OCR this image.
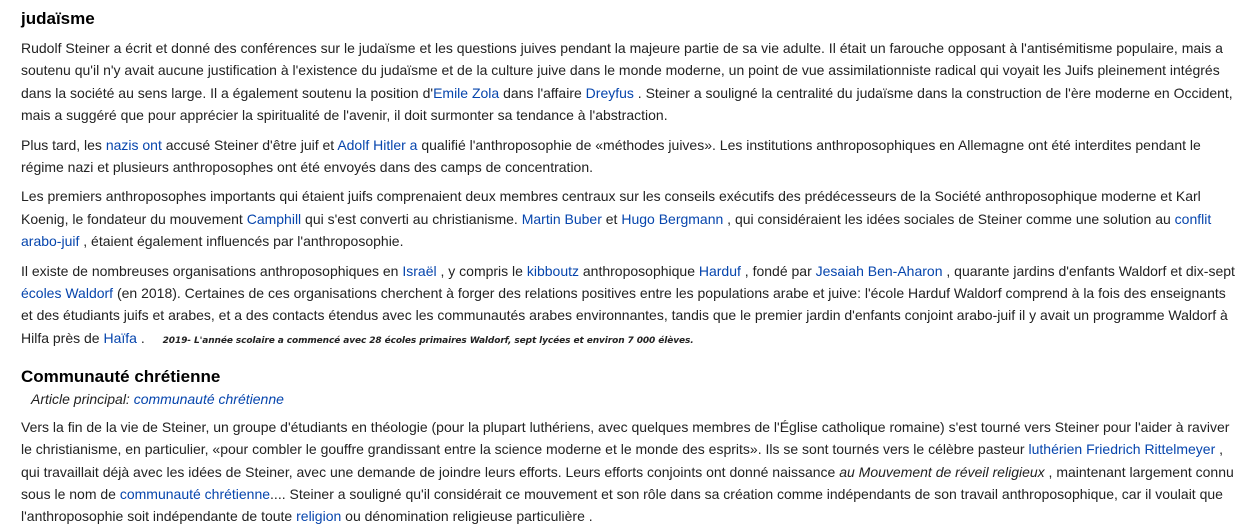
judaïsme

Rudolf Steiner a écrit et donné des conférences sur le judaïsme et les questions juives pendant la majeure partie de sa vie adulte. Il était un farouche opposant à l'antisémitisme populaire, mais a soutenu qu'il n'y avait aucune justification à l'existence du judaïsme et de la culture juive dans le monde moderne, un point de vue assimilationniste radical qui voyait les Juifs pleinement intégrés dans la société au sens large. Il a également soutenu la position d'Emile Zola dans l'affaire Dreyfus . Steiner a souligné la centralité du judaïsme dans la construction de l'ère moderne en Occident, mais a suggéré que pour apprécier la spiritualité de l'avenir, il doit surmonter sa tendance à l'abstraction.

Plus tard, les nazis ont accusé Steiner d'être juif et Adolf Hitler a qualifié l'anthroposophie de «méthodes juives». Les institutions anthroposophiques en Allemagne ont été interdites pendant le régime nazi et plusieurs anthroposophes ont été envoyés dans des camps de concentration.

Les premiers anthroposophes importants qui étaient juifs comprenaient deux membres centraux sur les conseils exécutifs des prédécesseurs de la Société anthroposophique moderne et Karl Koenig, le fondateur du mouvement Camphill qui s'est converti au christianisme. Martin Buber et Hugo Bergmann , qui considéraient les idées sociales de Steiner comme une solution au conflit arabo-juif , étaient également influencés par l'anthroposophie.

Il existe de nombreuses organisations anthroposophiques en Israël , y compris le kibboutz anthroposophique Harduf , fondé par Jesaiah Ben-Aharon , quarante jardins d'enfants Waldorf et dix-sept écoles Waldorf (en 2018). Certaines de ces organisations cherchent à forger des relations positives entre les populations arabe et juive: l'école Harduf Waldorf comprend à la fois des enseignants et des étudiants juifs et arabes, et a des contacts étendus avec les communautés arabes environnantes, tandis que le premier jardin d'enfants conjoint arabo-juif il y avait un programme Waldorf à Hilfa près de Haïfa . 2019- L'année scolaire a commencé avec 28 écoles primaires Waldorf, sept lycées et environ 7 000 élèves.

Communauté chrétienne
Article principal: communauté chrétienne

Vers la fin de la vie de Steiner, un groupe d'étudiants en théologie (pour la plupart luthériens, avec quelques membres de l'Église catholique romaine) s'est tourné vers Steiner pour l'aider à raviver le christianisme, en particulier, «pour combler le gouffre grandissant entre la science moderne et le monde des esprits». Ils se sont tournés vers le célèbre pasteur luthérien Friedrich Rittelmeyer , qui travaillait déjà avec les idées de Steiner, avec une demande de joindre leurs efforts. Leurs efforts conjoints ont donné naissance au Mouvement de réveil religieux , maintenant largement connu sous le nom de communauté chrétienne.... Steiner a souligné qu'il considérait ce mouvement et son rôle dans sa création comme indépendants de son travail anthroposophique, car il voulait que l'anthroposophie soit indépendante de toute religion ou dénomination religieuse particulière .
